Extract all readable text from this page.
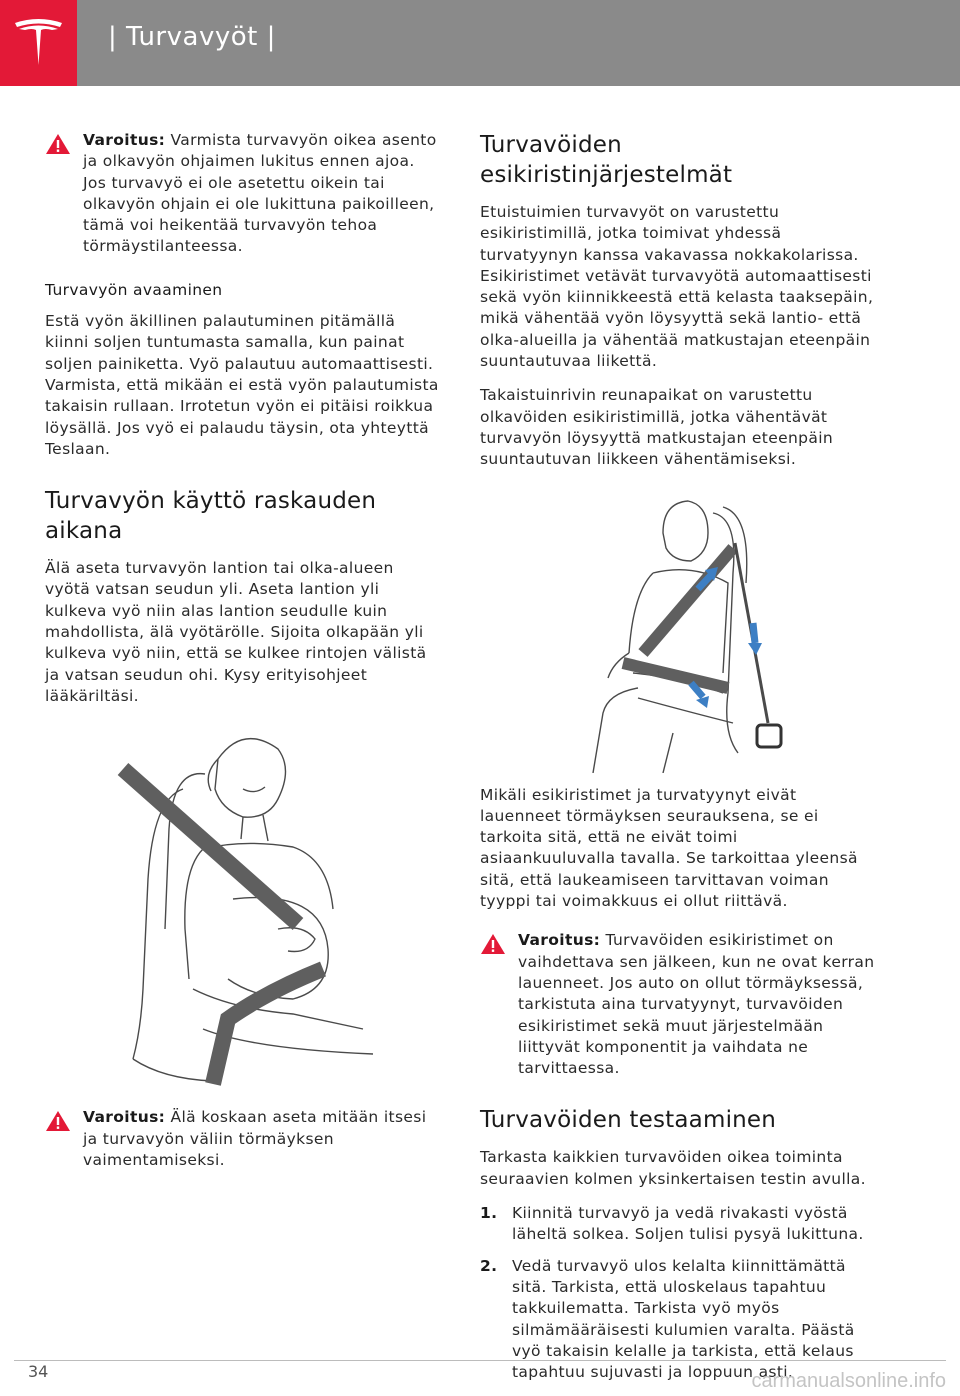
| Turvavyöt |
Varoitus: Varmista turvavyön oikea asento ja olkavyön ohjaimen lukitus ennen ajoa. Jos turvavyö ei ole asetettu oikein tai olkavyön ohjain ei ole lukittuna paikoilleen, tämä voi heikentää turvavyön tehoa törmäystilanteessa.
Turvavyön avaaminen

Estä vyön äkillinen palautuminen pitämällä kiinni soljen tuntumasta samalla, kun painat soljen painiketta. Vyö palautuu automaattisesti. Varmista, että mikään ei estä vyön palautumista takaisin rullaan. Irrotetun vyön ei pitäisi roikkua löysällä. Jos vyö ei palaudu täysin, ota yhteyttä Teslaan.

Turvavyön käyttö raskauden aikana

Älä aseta turvavyön lantion tai olka-alueen vyötä vatsan seudun yli. Aseta lantion yli kulkeva vyö niin alas lantion seudulle kuin mahdollista, älä vyötärölle. Sijoita olkapään yli kulkeva vyö niin, että se kulkee rintojen välistä ja vatsan seudun ohi. Kysy erityisohjeet lääkäriltäsi.

Varoitus: Älä koskaan aseta mitään itsesi ja turvavyön väliin törmäyksen vaimentamiseksi.
Turvavöiden esikiristinjärjestelmät

Etuistuimien turvavyöt on varustettu esikiristimillä, jotka toimivat yhdessä turvatyynyn kanssa vakavassa nokkakolarissa. Esikiristimet vetävät turvavyötä automaattisesti sekä vyön kiinnikkeestä että kelasta taaksepäin, mikä vähentää vyön löysyyttä sekä lantio- että olka-alueilla ja vähentää matkustajan eteenpäin suuntautuvaa liikettä.

Takaistuinrivin reunapaikat on varustettu olkavöiden esikiristimillä, jotka vähentävät turvavyön löysyyttä matkustajan eteenpäin suuntautuvan liikkeen vähentämiseksi.

Mikäli esikiristimet ja turvatyynyt eivät lauenneet törmäyksen seurauksena, se ei tarkoita sitä, että ne eivät toimi asiaankuuluvalla tavalla. Se tarkoittaa yleensä sitä, että laukeamiseen tarvittavan voiman tyyppi tai voimakkuus ei ollut riittävä.

Varoitus: Turvavöiden esikiristimet on vaihdettava sen jälkeen, kun ne ovat kerran lauenneet. Jos auto on ollut törmäyksessä, tarkistuta aina turvatyynyt, turvavöiden esikiristimet sekä muut järjestelmään liittyvät komponentit ja vaihdata ne tarvittaessa.
Turvavöiden testaaminen

Tarkasta kaikkien turvavöiden oikea toiminta seuraavien kolmen yksinkertaisen testin avulla.

1. Kiinnitä turvavyö ja vedä rivakasti vyöstä läheltä solkea. Soljen tulisi pysyä lukittuna.
2. Vedä turvavyö ulos kelalta kiinnittämättä sitä. Tarkista, että uloskelaus tapahtuu takkuilematta. Tarkista vyö myös silmämääräisesti kulumien varalta. Päästä vyö takaisin kelalle ja tarkista, että kelaus tapahtuu sujuvasti ja loppuun asti.
34	carmanualsonline.info
